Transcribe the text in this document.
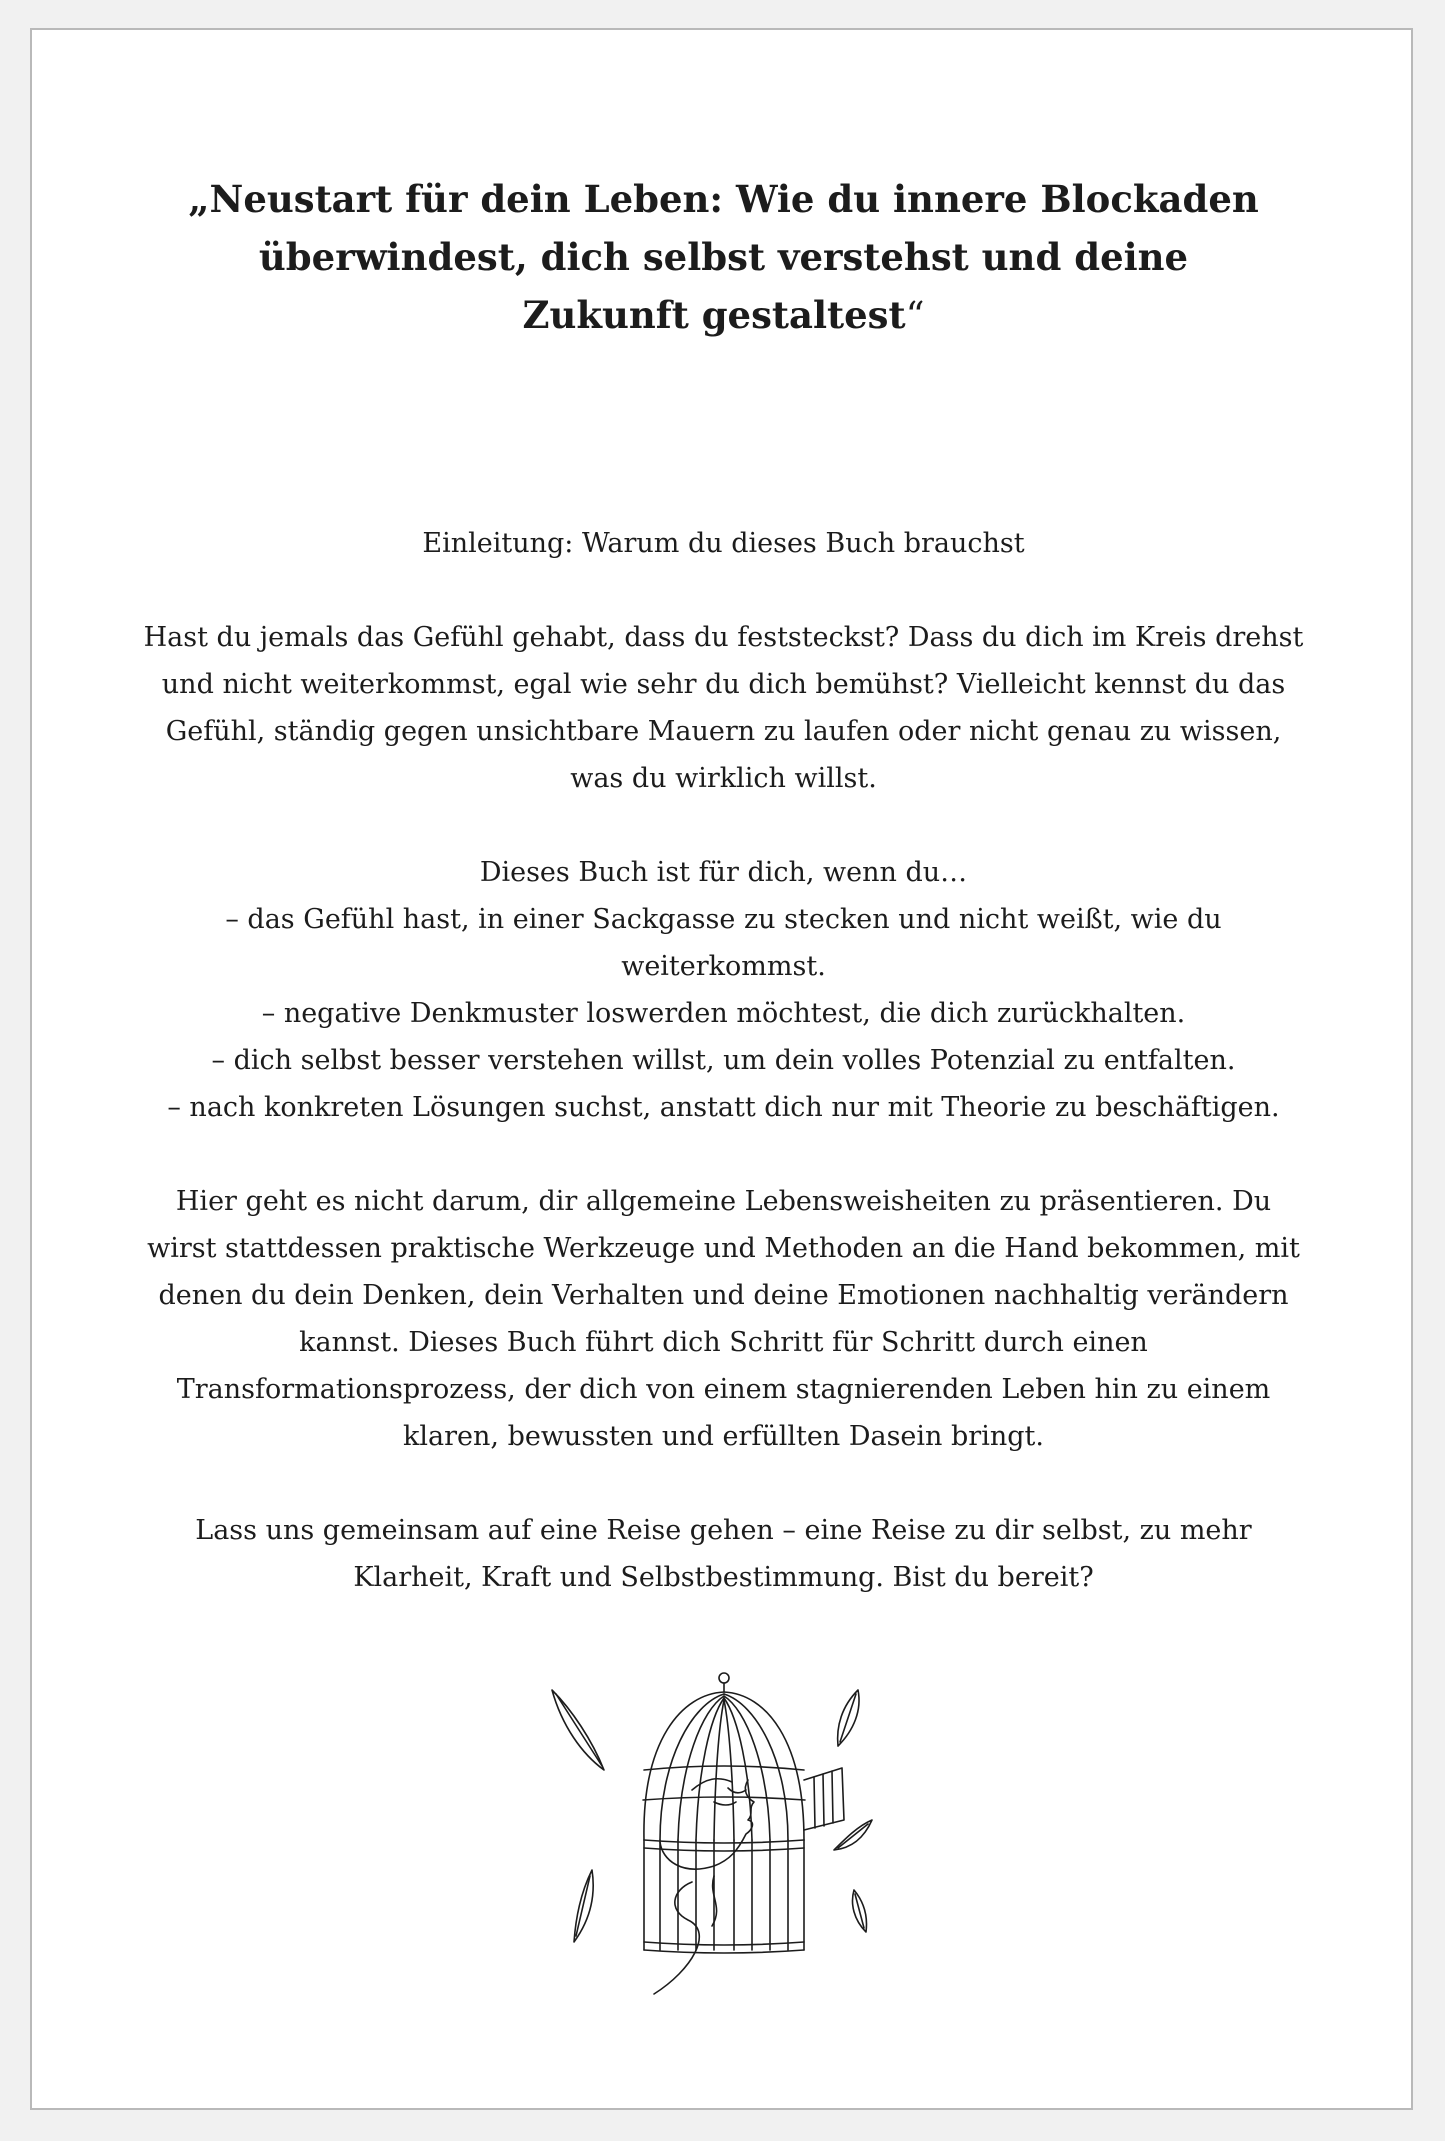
„Neustart für dein Leben: Wie du innere Blockaden überwindest, dich selbst verstehst und deine Zukunft gestaltest“

Einleitung: Warum du dieses Buch brauchst

Hast du jemals das Gefühl gehabt, dass du feststeckst? Dass du dich im Kreis drehst und nicht weiterkommst, egal wie sehr du dich bemühst? Vielleicht kennst du das Gefühl, ständig gegen unsichtbare Mauern zu laufen oder nicht genau zu wissen, was du wirklich willst.

Dieses Buch ist für dich, wenn du…

– das Gefühl hast, in einer Sackgasse zu stecken und nicht weißt, wie du weiterkommst.

– negative Denkmuster loswerden möchtest, die dich zurückhalten.

– dich selbst besser verstehen willst, um dein volles Potenzial zu entfalten.

– nach konkreten Lösungen suchst, anstatt dich nur mit Theorie zu beschäftigen.

Hier geht es nicht darum, dir allgemeine Lebensweisheiten zu präsentieren. Du wirst stattdessen praktische Werkzeuge und Methoden an die Hand bekommen, mit denen du dein Denken, dein Verhalten und deine Emotionen nachhaltig verändern kannst. Dieses Buch führt dich Schritt für Schritt durch einen Transformationsprozess, der dich von einem stagnierenden Leben hin zu einem klaren, bewussten und erfüllten Dasein bringt.

Lass uns gemeinsam auf eine Reise gehen – eine Reise zu dir selbst, zu mehr Klarheit, Kraft und Selbstbestimmung. Bist du bereit?
